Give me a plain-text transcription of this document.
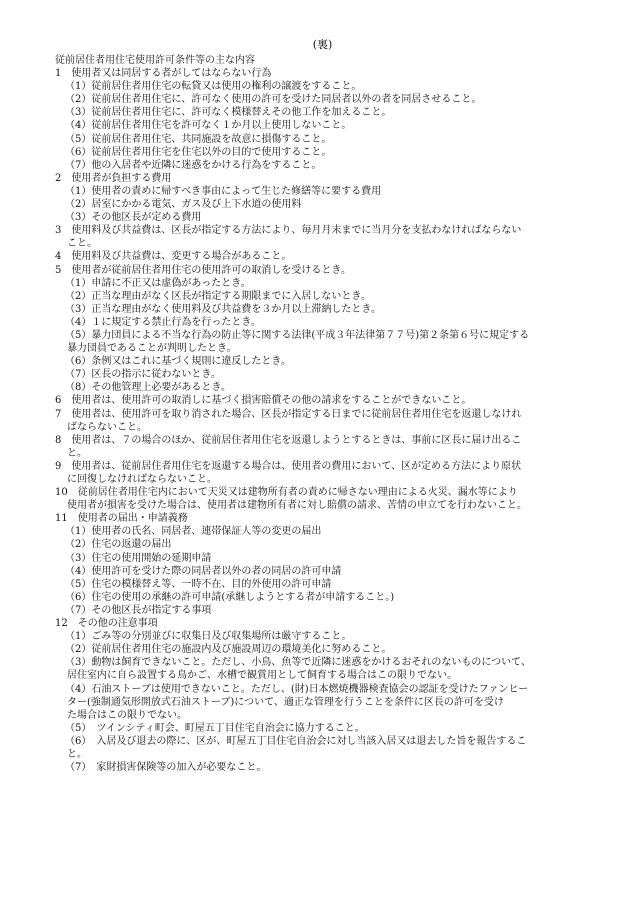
(裏)
従前居住者用住宅使用許可条件等の主な内容
1　使用者又は同居する者がしてはならない行為
（1）従前居住者用住宅の転貸又は使用の権利の譲渡をすること。
（2）従前居住者用住宅に、許可なく使用の許可を受けた同居者以外の者を同居させること。
（3）従前居住者用住宅に、許可なく模様替えその他工作を加えること。
（4）従前居住者用住宅を許可なく１か月以上使用しないこと。
（5）従前居住者用住宅、共同施設を故意に損傷すること。
（6）従前居住者用住宅を住宅以外の目的で使用すること。
（7）他の入居者や近隣に迷惑をかける行為をすること。
2　使用者が負担する費用
（1）使用者の責めに帰すべき事由によって生じた修繕等に要する費用
（2）居室にかかる電気、ガス及び上下水道の使用料
（3）その他区長が定める費用
3　使用料及び共益費は、区長が指定する方法により、毎月月末までに当月分を支払わなければならない
こと。
4　使用料及び共益費は、変更する場合があること。
5　使用者が従前居住者用住宅の使用許可の取消しを受けるとき。
（1）申請に不正又は虚偽があったとき。
（2）正当な理由がなく区長が指定する期限までに入居しないとき。
（3）正当な理由がなく使用料及び共益費を３か月以上滞納したとき。
（4）１に規定する禁止行為を行ったとき。
（5）暴力団員による不当な行為の防止等に関する法律(平成３年法律第７７号)第２条第６号に規定する
暴力団員であることが判明したとき。
（6）条例又はこれに基づく規則に違反したとき。
（7）区長の指示に従わないとき。
（8）その他管理上必要があるとき。
6　使用者は、使用許可の取消しに基づく損害賠償その他の請求をすることができないこと。
7　使用者は、使用許可を取り消された場合、区長が指定する日までに従前居住者用住宅を返還しなけれ
ばならないこと。
8　使用者は、７の場合のほか、従前居住者用住宅を返還しようとするときは、事前に区長に届け出るこ
と。
9　使用者は、従前居住者用住宅を返還する場合は、使用者の費用において、区が定める方法により原状
に回復しなければならないこと。
10　従前居住者用住宅内において天災又は建物所有者の責めに帰さない理由による火災、漏水等により
使用者が損害を受けた場合は、使用者は建物所有者に対し賠償の請求、苦情の申立てを行わないこと。
11　使用者の届出・申請義務
（1）使用者の氏名、同居者、連帯保証人等の変更の届出
（2）住宅の返還の届出
（3）住宅の使用開始の延期申請
（4）使用許可を受けた際の同居者以外の者の同居の許可申請
（5）住宅の模様替え等、一時不在、目的外使用の許可申請
（6）住宅の使用の承継の許可申請(承継しようとする者が申請すること。)
（7）その他区長が指定する事項
12　その他の注意事項
（1）ごみ等の分別並びに収集日及び収集場所は厳守すること。
（2）従前居住者用住宅の施設内及び施設周辺の環境美化に努めること。
（3）動物は飼育できないこと。ただし、小鳥、魚等で近隣に迷惑をかけるおそれのないものについて、
居住室内に自ら設置する鳥かご、水槽で観賞用として飼育する場合はこの限りでない。
（4）石油ストーブは使用できないこと。ただし、(財)日本燃焼機器検査協会の認証を受けたファンヒー
ター(強制通気形開放式石油ストーブ)について、適正な管理を行うことを条件に区長の許可を受け
た場合はこの限りでない。
（5）　ツインシティ町会、町屋五丁目住宅自治会に協力すること。
（6）　入居及び退去の際に、区が、町屋五丁目住宅自治会に対し当該入居又は退去した旨を報告するこ
と。
（7）　家財損害保険等の加入が必要なこと。
